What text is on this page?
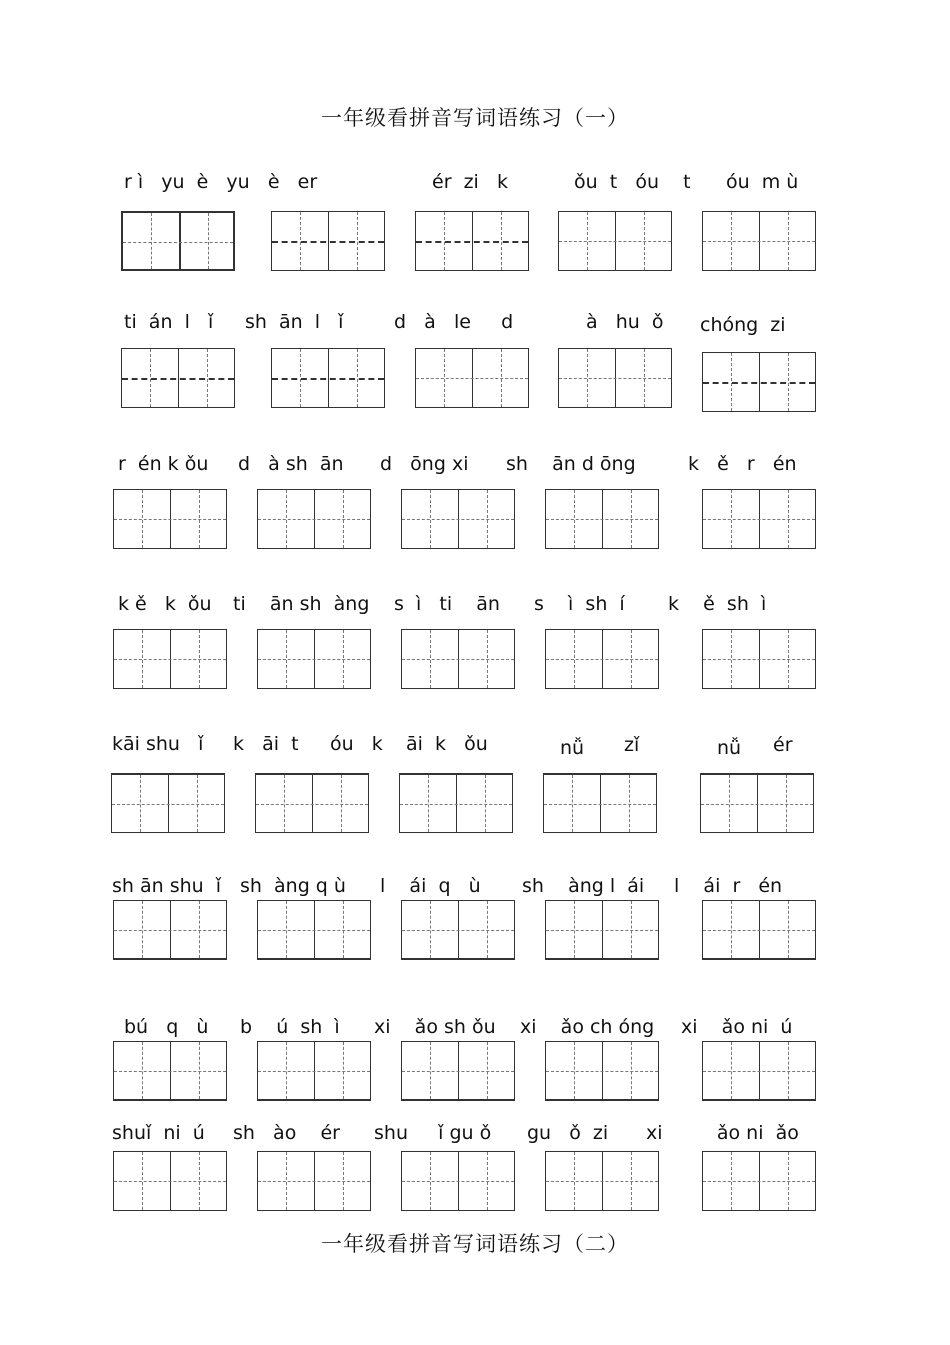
一年级看拼音写词语练习（一）
r ì   yu  è   yu   è   er	ér  zi   k	ǒu  t   óu    t óu  m ù
ti  án  l   ǐ sh  ān  l   ǐ	d   à   le     d	à   hu  ǒ chóng  zi
r  én k ǒu d   à sh  ān d   ōng xi sh    ān d ōng	k   ě   r   én
k ě   k  ǒu ti    ān sh  àng s  ì   ti    ān s    ì  sh  í k    ě  sh  ì
kāi shu   ǐ k   āi  t óu   k āi  k   ǒu	nǚ zǐ	nǚ ér
sh ān shu  ǐ sh  àng q ù l    ái  q   ù sh    àng l  ái l    ái  r   én
bú   q   ù b    ú  sh  ì xi    ǎo sh ǒu xi    ǎo ch óng xi    ǎo ni  ú
shuǐ  ni  ú sh   ào    ér shu     ǐ gu ǒ gu   ǒ  zi xi         ǎo ni  ǎo
一年级看拼音写词语练习（二）
